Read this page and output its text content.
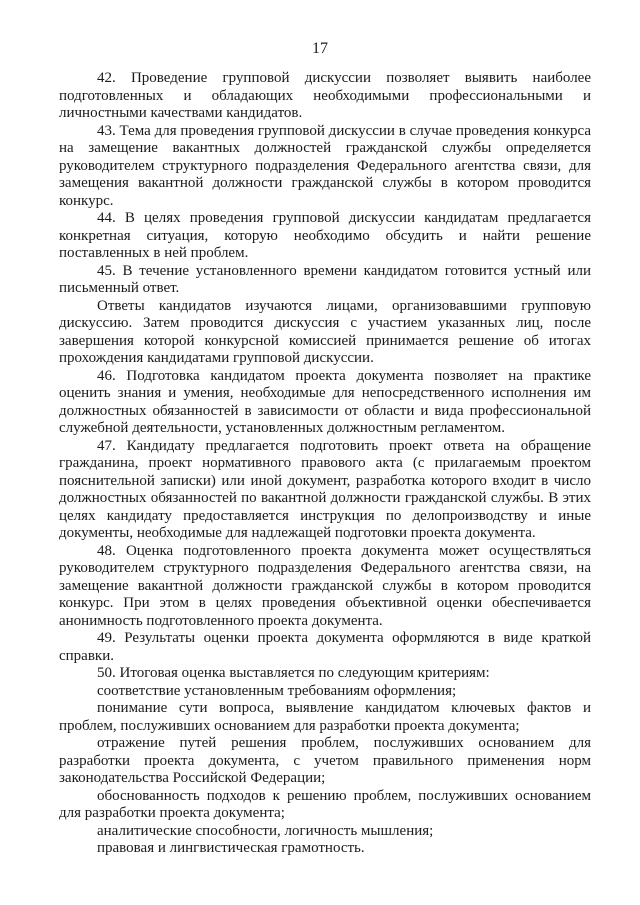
17

42. Проведение групповой дискуссии позволяет выявить наиболее подготовленных и обладающих необходимыми профессиональными и личностными качествами кандидатов.

43. Тема для проведения групповой дискуссии в случае проведения конкурса на замещение вакантных должностей гражданской службы определяется руководителем структурного подразделения Федерального агентства связи, для замещения вакантной должности гражданской службы в котором проводится конкурс.

44. В целях проведения групповой дискуссии кандидатам предлагается конкретная ситуация, которую необходимо обсудить и найти решение поставленных в ней проблем.

45. В течение установленного времени кандидатом готовится устный или письменный ответ.

Ответы кандидатов изучаются лицами, организовавшими групповую дискуссию. Затем проводится дискуссия с участием указанных лиц, после завершения которой конкурсной комиссией принимается решение об итогах прохождения кандидатами групповой дискуссии.

46. Подготовка кандидатом проекта документа позволяет на практике оценить знания и умения, необходимые для непосредственного исполнения им должностных обязанностей в зависимости от области и вида профессиональной служебной деятельности, установленных должностным регламентом.

47. Кандидату предлагается подготовить проект ответа на обращение гражданина, проект нормативного правового акта (с прилагаемым проектом пояснительной записки) или иной документ, разработка которого входит в число должностных обязанностей по вакантной должности гражданской службы. В этих целях кандидату предоставляется инструкция по делопроизводству и иные документы, необходимые для надлежащей подготовки проекта документа.

48. Оценка подготовленного проекта документа может осуществляться руководителем структурного подразделения Федерального агентства связи, на замещение вакантной должности гражданской службы в котором проводится конкурс. При этом в целях проведения объективной оценки обеспечивается анонимность подготовленного проекта документа.

49. Результаты оценки проекта документа оформляются в виде краткой справки.

50. Итоговая оценка выставляется по следующим критериям:

соответствие установленным требованиям оформления;

понимание сути вопроса, выявление кандидатом ключевых фактов и проблем, послуживших основанием для разработки проекта документа;

отражение путей решения проблем, послуживших основанием для разработки проекта документа, с учетом правильного применения норм законодательства Российской Федерации;

обоснованность подходов к решению проблем, послуживших основанием для разработки проекта документа;

аналитические способности, логичность мышления;

правовая и лингвистическая грамотность.
